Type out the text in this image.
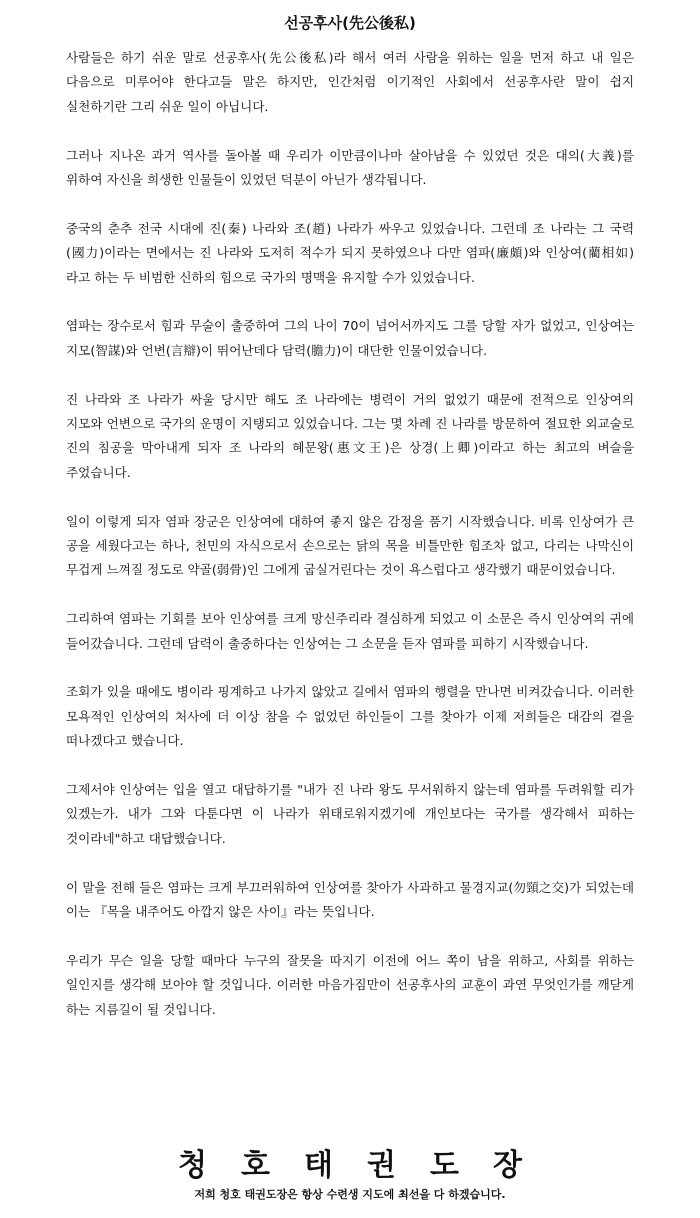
선공후사(先公後私)

사람들은 하기 쉬운 말로 선공후사(先公後私)라 해서 여러 사람을 위하는 일을 먼저 하고 내 일은 다음으로 미루어야 한다고들 말은 하지만, 인간처럼 이기적인 사회에서 선공후사란 말이 쉽지 실천하기란 그리 쉬운 일이 아닙니다.

그러나 지나온 과거 역사를 돌아볼 때 우리가 이만큼이나마 살아남을 수 있었던 것은 대의(大義)를 위하여 자신을 희생한 인물들이 있었던 덕분이 아닌가 생각됩니다.

중국의 춘추 전국 시대에 진(秦) 나라와 조(趙) 나라가 싸우고 있었습니다. 그런데 조 나라는 그 국력(國力)이라는 면에서는 진 나라와 도저히 적수가 되지 못하였으나 다만 염파(廉頗)와 인상여(藺相如)라고 하는 두 비범한 신하의 힘으로 국가의 명맥을 유지할 수가 있었습니다.

염파는 장수로서 힘과 무술이 출중하여 그의 나이 70이 넘어서까지도 그를 당할 자가 없었고, 인상여는 지모(智謀)와 언변(言辯)이 뛰어난데다 담력(膽力)이 대단한 인물이었습니다.

진 나라와 조 나라가 싸울 당시만 해도 조 나라에는 병력이 거의 없었기 때문에 전적으로 인상여의 지모와 언변으로 국가의 운명이 지탱되고 있었습니다. 그는 몇 차례 진 나라를 방문하여 절묘한 외교술로 진의 침공을 막아내게 되자 조 나라의 혜문왕(惠文王)은 상경(上卿)이라고 하는 최고의 벼슬을 주었습니다.

일이 이렇게 되자 염파 장군은 인상여에 대하여 좋지 않은 감정을 품기 시작했습니다. 비록 인상여가 큰 공을 세웠다고는 하나, 천민의 자식으로서 손으로는 닭의 목을 비틀만한 힘조차 없고, 다리는 나막신이 무겁게 느껴질 정도로 약골(弱骨)인 그에게 굽실거린다는 것이 욕스럽다고 생각했기 때문이었습니다.

그리하여 염파는 기회를 보아 인상여를 크게 망신주리라 결심하게 되었고 이 소문은 즉시 인상여의 귀에 들어갔습니다. 그런데 담력이 출중하다는 인상여는 그 소문을 듣자 염파를 피하기 시작했습니다.

조회가 있을 때에도 병이라 핑계하고 나가지 않았고 길에서 염파의 행렬을 만나면 비켜갔습니다. 이러한 모욕적인 인상여의 처사에 더 이상 참을 수 없었던 하인들이 그를 찾아가 이제 저희들은 대감의 곁을 떠나겠다고 했습니다.

그제서야 인상여는 입을 열고 대답하기를 "내가 진 나라 왕도 무서워하지 않는데 염파를 두려워할 리가 있겠는가. 내가 그와 다툰다면 이 나라가 위태로워지겠기에 개인보다는 국가를 생각해서 피하는 것이라네"하고 대답했습니다.

이 말을 전해 들은 염파는 크게 부끄러워하여 인상여를 찾아가 사과하고 물경지교(勿頸之交)가 되었는데 이는 『목을 내주어도 아깝지 않은 사이』라는 뜻입니다.

우리가 무슨 일을 당할 때마다 누구의 잘못을 따지기 이전에 어느 쪽이 남을 위하고, 사회를 위하는 일인지를 생각해 보아야 할 것입니다. 이러한 마음가짐만이 선공후사의 교훈이 과연 무엇인가를 깨닫게 하는 지름길이 될 것입니다.

청호태권도장
저희 청호 태권도장은 항상 수련생 지도에 최선을 다 하겠습니다.
